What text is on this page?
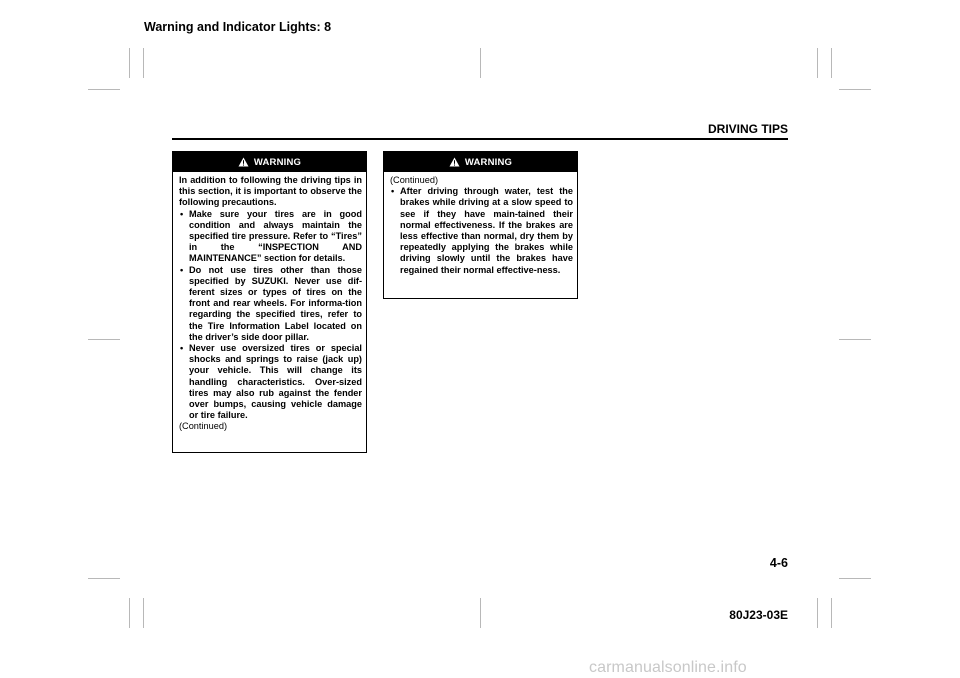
Warning and Indicator Lights: 8
DRIVING TIPS
WARNING

In addition to following the driving tips in this section, it is important to observe the following precautions.

• Make sure your tires are in good condition and always maintain the specified tire pressure. Refer to “Tires” in the “INSPECTION AND MAINTENANCE” section for details.
• Do not use tires other than those specified by SUZUKI. Never use dif-ferent sizes or types of tires on the front and rear wheels. For informa-tion regarding the specified tires, refer to the Tire Information Label located on the driver’s side door pillar.
• Never use oversized tires or special shocks and springs to raise (jack up) your vehicle. This will change its handling characteristics. Over-sized tires may also rub against the fender over bumps, causing vehicle damage or tire failure.

(Continued)

WARNING

(Continued)

• After driving through water, test the brakes while driving at a slow speed to see if they have main-tained their normal effectiveness. If the brakes are less effective than normal, dry them by repeatedly applying the brakes while driving slowly until the brakes have regained their normal effective-ness.
4-6
80J23-03E
carmanualsonline.info
